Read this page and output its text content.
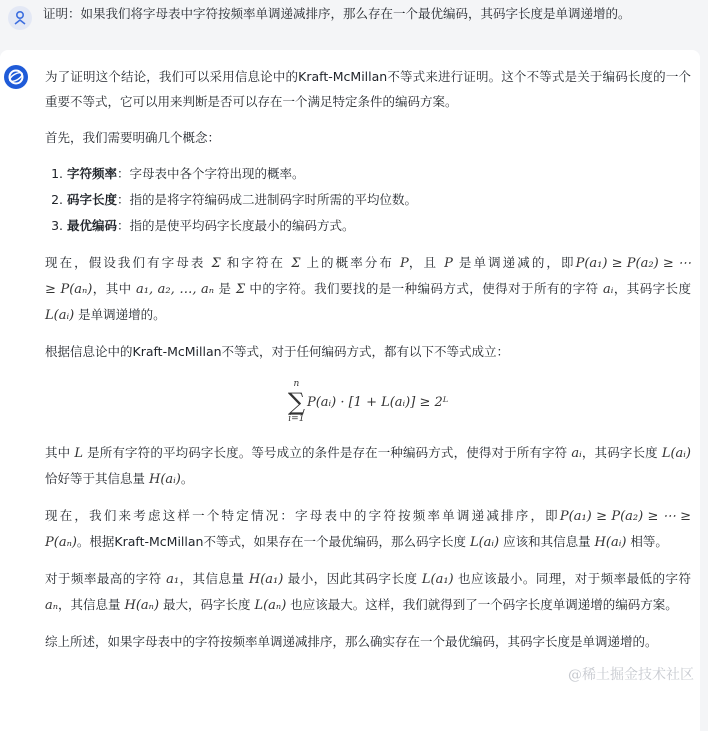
证明：如果我们将字母表中字符按频率单调递减排序，那么存在一个最优编码，其码字长度是单调递增的。

为了证明这个结论，我们可以采用信息论中的Kraft-McMillan不等式来进行证明。这个不等式是关于编码长度的一个重要不等式，它可以用来判断是否可以存在一个满足特定条件的编码方案。

首先，我们需要明确几个概念：

1. 字符频率：字母表中各个字符出现的概率。
2. 码字长度：指的是将字符编码成二进制码字时所需的平均位数。
3. 最优编码：指的是使平均码字长度最小的编码方式。

现在，假设我们有字母表 Σ 和字符在 Σ 上的概率分布 P，且 P 是单调递减的，即P(a₁) ≥ P(a₂) ≥ ⋯ ≥ P(aₙ)，其中 a₁, a₂, …, aₙ 是 Σ 中的字符。我们要找的是一种编码方式，使得对于所有的字符 aᵢ，其码字长度 L(aᵢ) 是单调递增的。

根据信息论中的Kraft-McMillan不等式，对于任何编码方式，都有以下不等式成立：

n
∑
i=1
P(aᵢ) · [1 + L(aᵢ)] ≥ 2ᴸ

其中 L 是所有字符的平均码字长度。等号成立的条件是存在一种编码方式，使得对于所有字符 aᵢ，其码字长度 L(aᵢ) 恰好等于其信息量 H(aᵢ)。

现在，我们来考虑这样一个特定情况：字母表中的字符按频率单调递减排序，即P(a₁) ≥ P(a₂) ≥ ⋯ ≥ P(aₙ)。根据Kraft-McMillan不等式，如果存在一个最优编码，那么码字长度 L(aᵢ) 应该和其信息量 H(aᵢ) 相等。

对于频率最高的字符 a₁，其信息量 H(a₁) 最小，因此其码字长度 L(a₁) 也应该最小。同理，对于频率最低的字符 aₙ，其信息量 H(aₙ) 最大，码字长度 L(aₙ) 也应该最大。这样，我们就得到了一个码字长度单调递增的编码方案。

综上所述，如果字母表中的字符按频率单调递减排序，那么确实存在一个最优编码，其码字长度是单调递增的。

@稀土掘金技术社区
